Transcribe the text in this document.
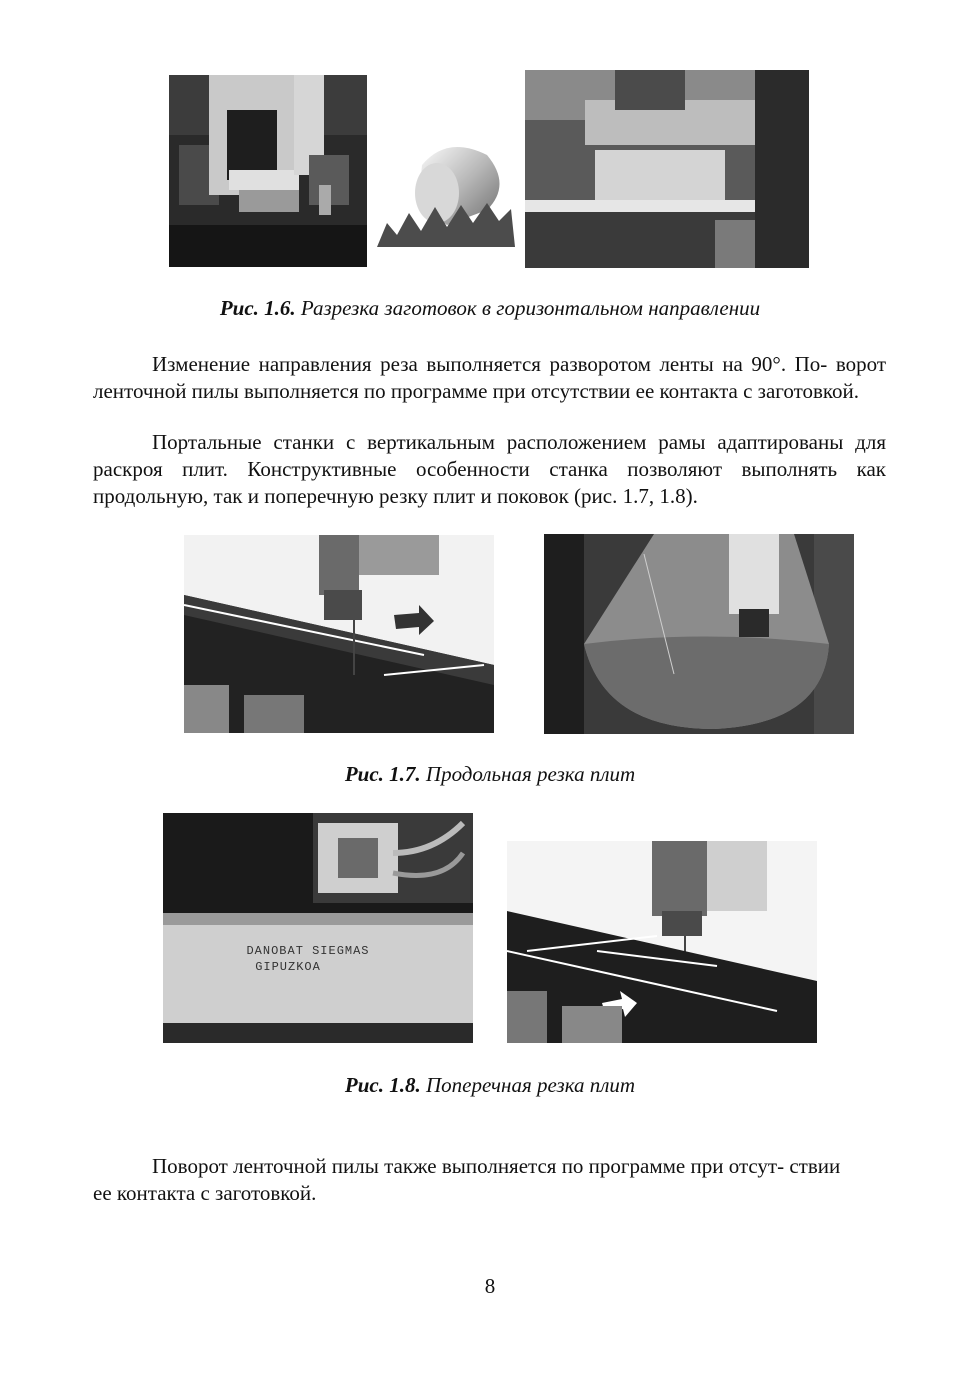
Рис. 1.6. Разрезка заготовок в горизонтальном направлении
Изменение направления реза выполняется разворотом ленты на 90°. По- ворот ленточной пилы выполняется по программе при отсутствии ее контакта с заготовкой.
Портальные станки с вертикальным расположением рамы адаптированы для раскроя плит. Конструктивные особенности станка позволяют выполнять как продольную, так и поперечную резку плит и поковок (рис. 1.7, 1.8).
Рис. 1.7. Продольная резка плит
DANOBAT SIEGMAS
GIPUZKOA
Рис. 1.8. Поперечная резка плит
Поворот ленточной пилы также выполняется по программе при отсут- ствии ее контакта с заготовкой.
8
